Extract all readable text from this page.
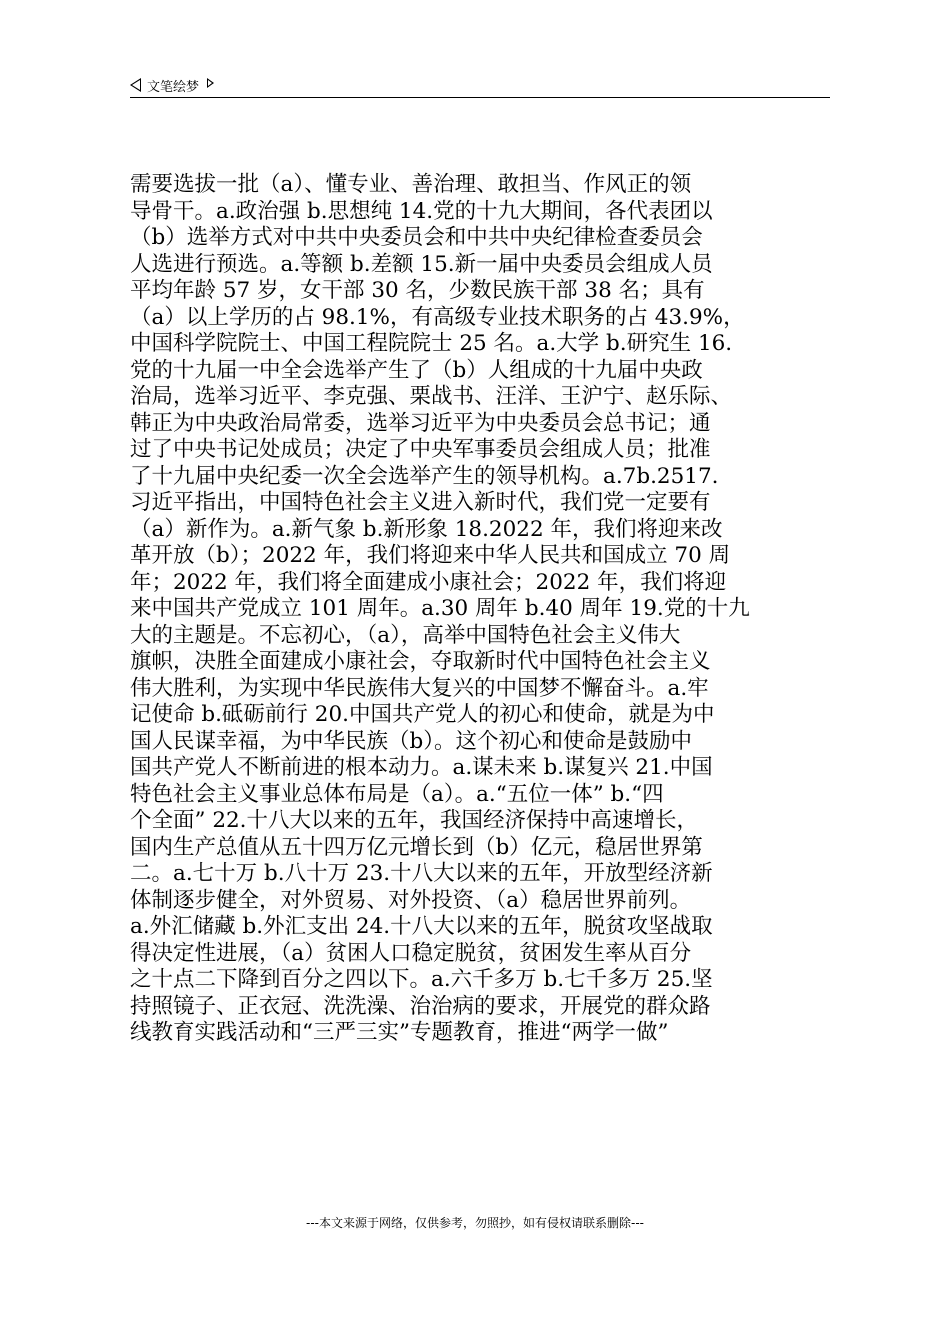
文笔绘梦
需要选拔一批（a）、懂专业、善治理、敢担当、作风正的领
导骨干。a.政治强 b.思想纯 14.党的十九大期间，各代表团以
（b）选举方式对中共中央委员会和中共中央纪律检查委员会
人选进行预选。a.等额 b.差额 15.新一届中央委员会组成人员
平均年龄 57 岁，女干部 30 名，少数民族干部 38 名；具有
（a）以上学历的占 98.1%，有高级专业技术职务的占 43.9%，
中国科学院院士、中国工程院院士 25 名。a.大学 b.研究生 16.
党的十九届一中全会选举产生了（b）人组成的十九届中央政
治局，选举习近平、李克强、栗战书、汪洋、王沪宁、赵乐际、
韩正为中央政治局常委，选举习近平为中央委员会总书记；通
过了中央书记处成员；决定了中央军事委员会组成人员；批准
了十九届中央纪委一次全会选举产生的领导机构。a.7b.2517.
习近平指出，中国特色社会主义进入新时代，我们党一定要有
（a）新作为。a.新气象 b.新形象 18.2022 年，我们将迎来改
革开放（b）；2022 年，我们将迎来中华人民共和国成立 70 周
年；2022 年，我们将全面建成小康社会；2022 年，我们将迎
来中国共产党成立 101 周年。a.30 周年 b.40 周年 19.党的十九
大的主题是。不忘初心，（a），高举中国特色社会主义伟大
旗帜，决胜全面建成小康社会，夺取新时代中国特色社会主义
伟大胜利，为实现中华民族伟大复兴的中国梦不懈奋斗。a.牢
记使命 b.砥砺前行 20.中国共产党人的初心和使命，就是为中
国人民谋幸福，为中华民族（b）。这个初心和使命是鼓励中
国共产党人不断前进的根本动力。a.谋未来 b.谋复兴 21.中国
特色社会主义事业总体布局是（a）。a.“五位一体” b.“四
个全面” 22.十八大以来的五年，我国经济保持中高速增长，
国内生产总值从五十四万亿元增长到（b）亿元，稳居世界第
二。a.七十万 b.八十万 23.十八大以来的五年，开放型经济新
体制逐步健全，对外贸易、对外投资、（a）稳居世界前列。
a.外汇储藏 b.外汇支出 24.十八大以来的五年，脱贫攻坚战取
得决定性进展，（a）贫困人口稳定脱贫，贫困发生率从百分
之十点二下降到百分之四以下。a.六千多万 b.七千多万 25.坚
持照镜子、正衣冠、洗洗澡、治治病的要求，开展党的群众路
线教育实践活动和“三严三实”专题教育，推进“两学一做”
---本文来源于网络，仅供参考，勿照抄，如有侵权请联系删除---
